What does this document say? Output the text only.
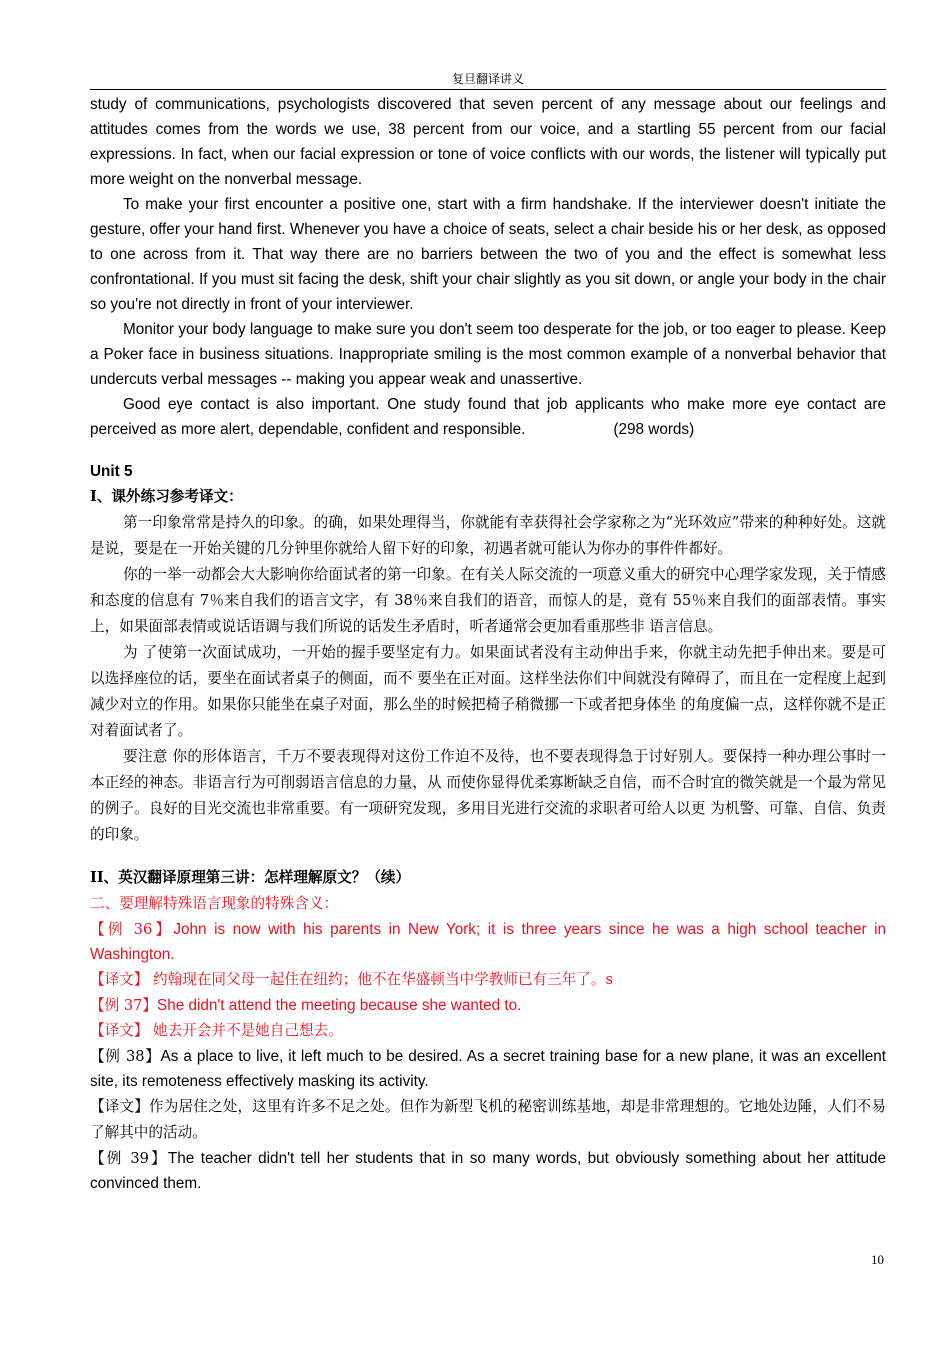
复旦翻译讲义

study of communications, psychologists discovered that seven percent of any message about our feelings and attitudes comes from the words we use, 38 percent from our voice, and a startling 55 percent from our facial expressions. In fact, when our facial expression or tone of voice conflicts with our words, the listener will typically put more weight on the nonverbal message.

To make your first encounter a positive one, start with a firm handshake. If the interviewer doesn't initiate the gesture, offer your hand first. Whenever you have a choice of seats, select a chair beside his or her desk, as opposed to one across from it. That way there are no barriers between the two of you and the effect is somewhat less confrontational. If you must sit facing the desk, shift your chair slightly as you sit down, or angle your body in the chair so you're not directly in front of your interviewer.

Monitor your body language to make sure you don't seem too desperate for the job, or too eager to please. Keep a Poker face in business situations. Inappropriate smiling is the most common example of a nonverbal behavior that undercuts verbal messages -- making you appear weak and unassertive.

Good eye contact is also important. One study found that job applicants who make more eye contact are perceived as more alert, dependable, confident and responsible.	(298 words)

Unit 5

I、课外练习参考译文：

第一印象常常是持久的印象。的确，如果处理得当，你就能有幸获得社会学家称之为“光环效应”带来的种种好处。这就是说，要是在一开始关键的几分钟里你就给人留下好的印象，初遇者就可能认为你办的事件件都好。

你的一举一动都会大大影响你给面试者的第一印象。在有关人际交流的一项意义重大的研究中心理学家发现，关于情感和态度的信息有 7％来自我们的语言文字，有 38％来自我们的语音，而惊人的是，竟有 55％来自我们的面部表情。事实上，如果面部表情或说话语调与我们所说的话发生矛盾时，听者通常会更加看重那些非 语言信息。

为 了使第一次面试成功，一开始的握手要坚定有力。如果面试者没有主动伸出手来，你就主动先把手伸出来。要是可以选择座位的话，要坐在面试者桌子的侧面，而不 要坐在正对面。这样坐法你们中间就没有障碍了，而且在一定程度上起到减少对立的作用。如果你只能坐在桌子对面，那么坐的时候把椅子稍微挪一下或者把身体坐 的角度偏一点，这样你就不是正对着面试者了。

要注意 你的形体语言，千万不要表现得对这份工作迫不及待，也不要表现得急于讨好别人。要保持一种办理公事时一本正经的神态。非语言行为可削弱语言信息的力量，从 而使你显得优柔寡断缺乏自信，而不合时宜的微笑就是一个最为常见的例子。良好的目光交流也非常重要。有一项研究发现，多用目光进行交流的求职者可给人以更 为机警、可靠、自信、负责的印象。

II、英汉翻译原理第三讲：怎样理解原文？（续）

二、要理解特殊语言现象的特殊含义：

【例 36】John is now with his parents in New York; it is three years since he was a high school teacher in Washington.

【译文】 约翰现在同父母一起住在纽约；他不在华盛顿当中学教师已有三年了。s

【例 37】She didn't attend the meeting because she wanted to.

【译文】 她去开会并不是她自己想去。

【例 38】As a place to live, it left much to be desired. As a secret training base for a new plane, it was an excellent site, its remoteness effectively masking its activity.

【译文】作为居住之处，这里有许多不足之处。但作为新型飞机的秘密训练基地，却是非常理想的。它地处边陲，人们不易了解其中的活动。

【例 39】The teacher didn't tell her students that in so many words, but obviously something about her attitude convinced them.

10
